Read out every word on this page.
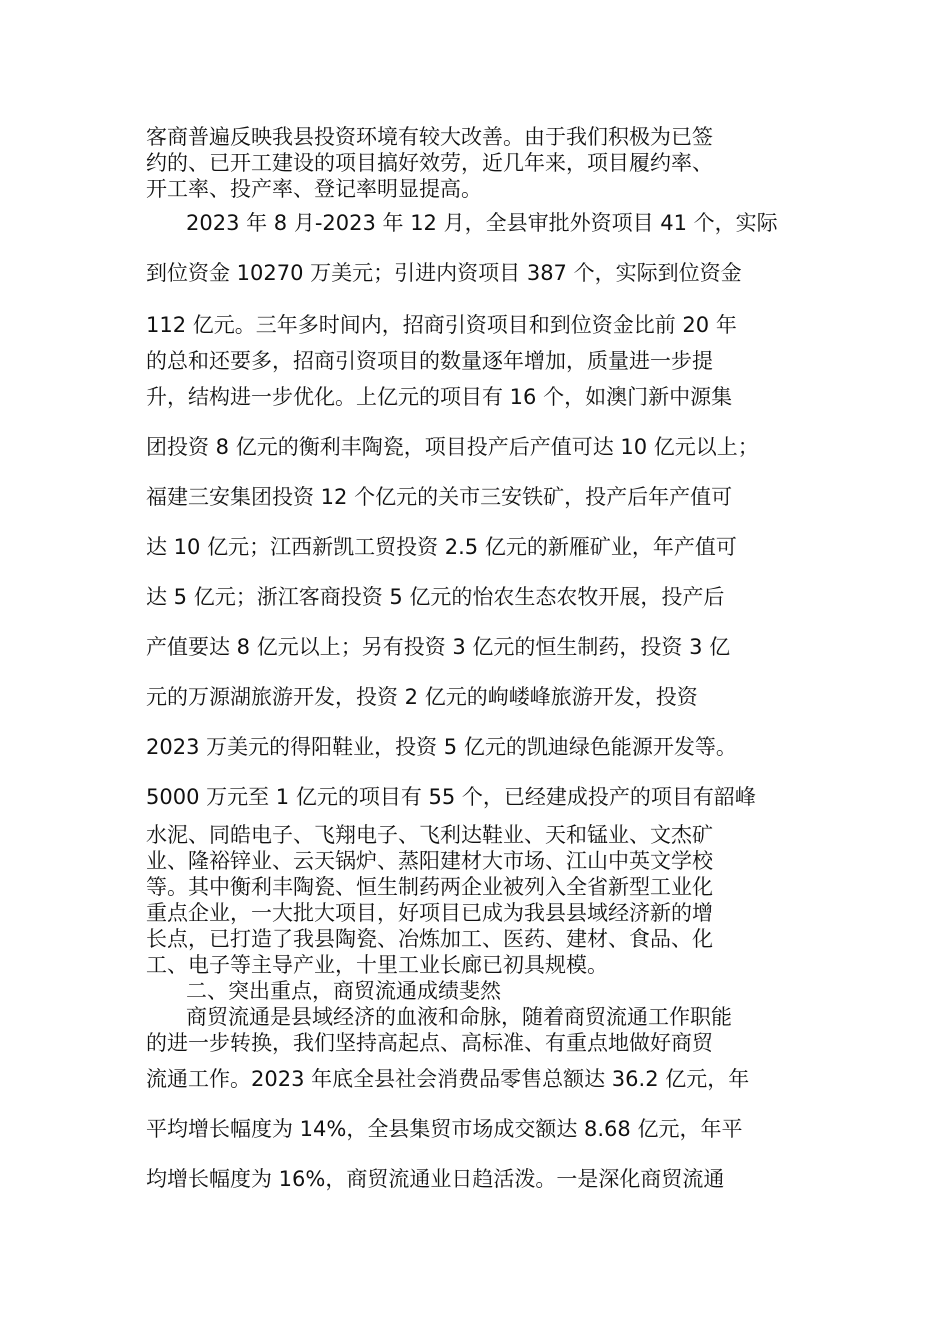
客商普遍反映我县投资环境有较大改善。由于我们积极为已签
约的、已开工建设的项目搞好效劳，近几年来，项目履约率、
开工率、投产率、登记率明显提高。
2023 年 8 月-2023 年 12 月，全县审批外资项目 41 个，实际
到位资金 10270 万美元；引进内资项目 387 个，实际到位资金
112 亿元。三年多时间内，招商引资项目和到位资金比前 20 年
的总和还要多，招商引资项目的数量逐年增加，质量进一步提
升，结构进一步优化。上亿元的项目有 16 个，如澳门新中源集
团投资 8 亿元的衡利丰陶瓷，项目投产后产值可达 10 亿元以上；
福建三安集团投资 12 个亿元的关市三安铁矿，投产后年产值可
达 10 亿元；江西新凯工贸投资 2.5 亿元的新雁矿业，年产值可
达 5 亿元；浙江客商投资 5 亿元的怡农生态农牧开展，投产后
产值要达 8 亿元以上；另有投资 3 亿元的恒生制药，投资 3 亿
元的万源湖旅游开发，投资 2 亿元的岣嵝峰旅游开发，投资
2023 万美元的得阳鞋业，投资 5 亿元的凯迪绿色能源开发等。
5000 万元至 1 亿元的项目有 55 个，已经建成投产的项目有韶峰
水泥、同皓电子、飞翔电子、飞利达鞋业、天和锰业、文杰矿
业、隆裕锌业、云天锅炉、蒸阳建材大市场、江山中英文学校
等。其中衡利丰陶瓷、恒生制药两企业被列入全省新型工业化
重点企业，一大批大项目，好项目已成为我县县域经济新的增
长点，已打造了我县陶瓷、冶炼加工、医药、建材、食品、化
工、电子等主导产业，十里工业长廊已初具规模。
二、突出重点，商贸流通成绩斐然
商贸流通是县域经济的血液和命脉，随着商贸流通工作职能
的进一步转换，我们坚持高起点、高标准、有重点地做好商贸
流通工作。2023 年底全县社会消费品零售总额达 36.2 亿元，年
平均增长幅度为 14%，全县集贸市场成交额达 8.68 亿元，年平
均增长幅度为 16%，商贸流通业日趋活泼。一是深化商贸流通
